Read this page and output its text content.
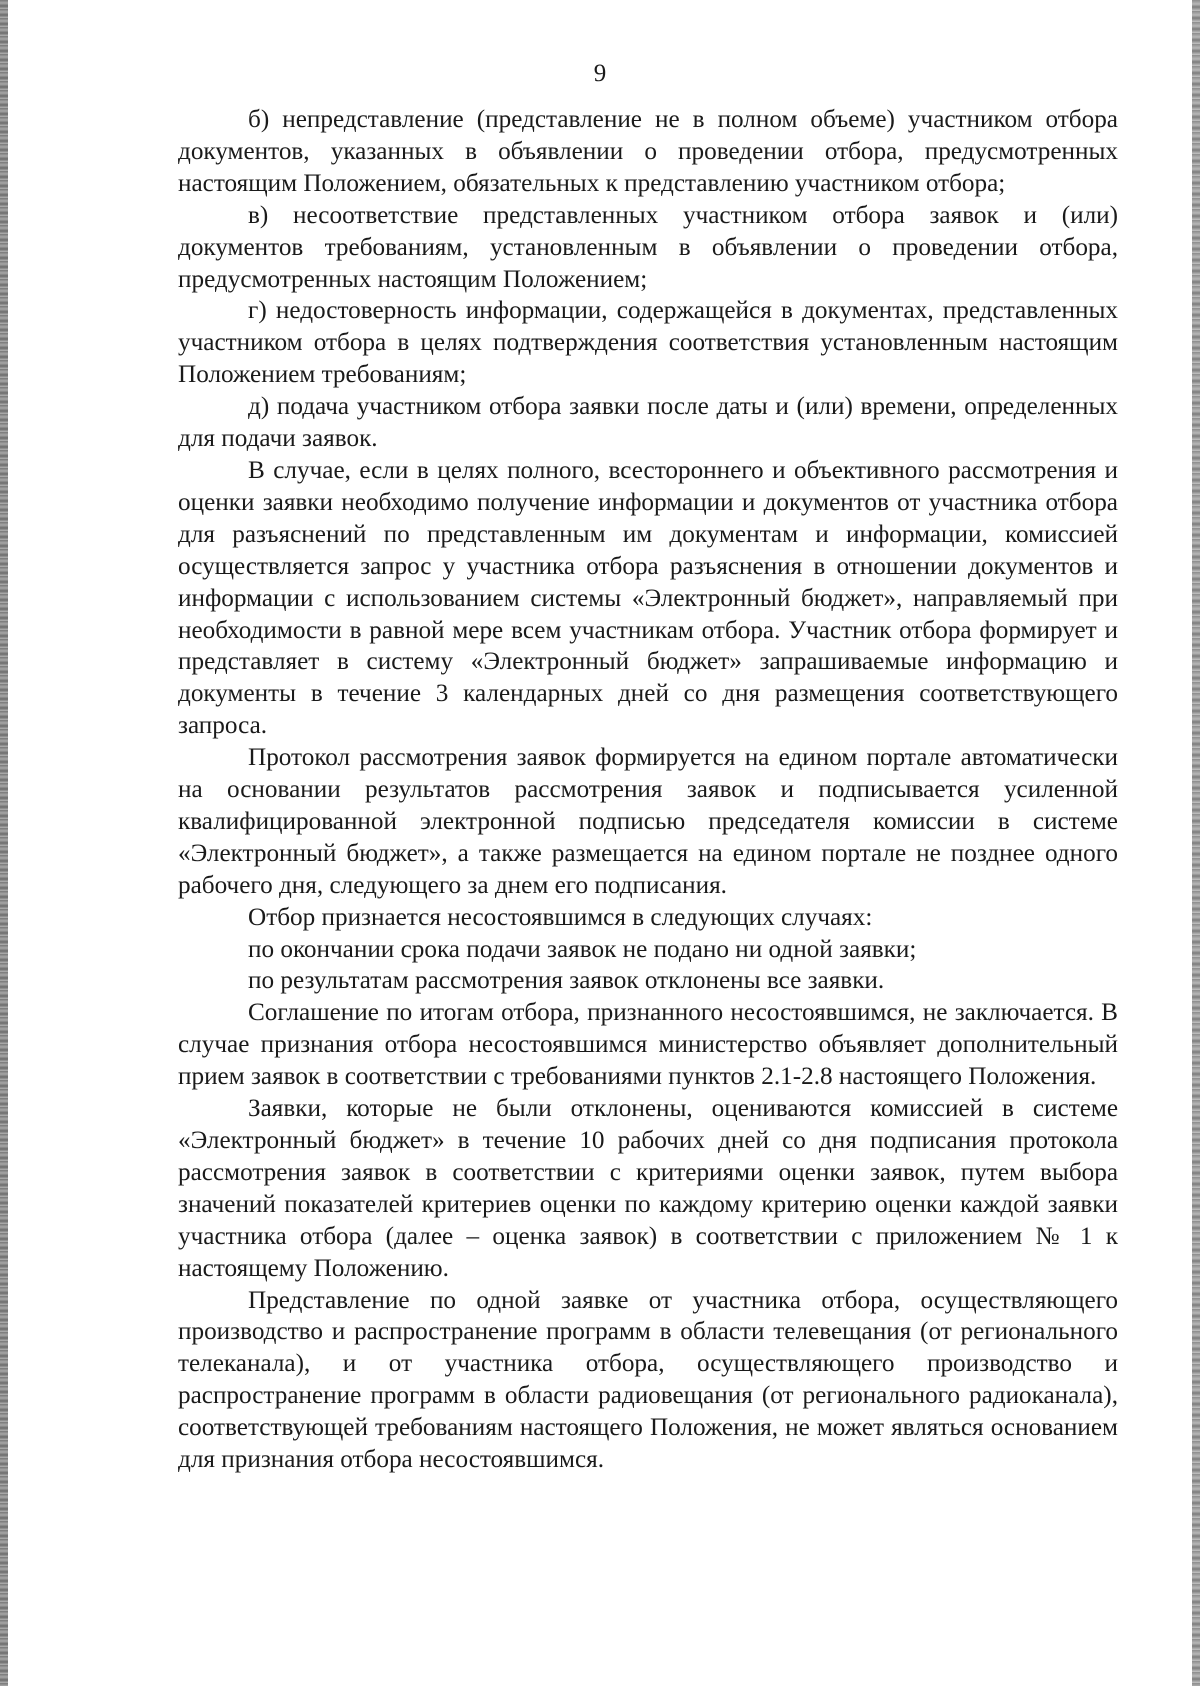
9

б) непредставление (представление не в полном объеме) участником отбора документов, указанных в объявлении о проведении отбора, предусмотренных настоящим Положением, обязательных к представлению участником отбора;

в) несоответствие представленных участником отбора заявок и (или) документов требованиям, установленным в объявлении о проведении отбора, предусмотренных настоящим Положением;

г) недостоверность информации, содержащейся в документах, представленных участником отбора в целях подтверждения соответствия установленным настоящим Положением требованиям;

д) подача участником отбора заявки после даты и (или) времени, определенных для подачи заявок.

В случае, если в целях полного, всестороннего и объективного рассмотрения и оценки заявки необходимо получение информации и документов от участника отбора для разъяснений по представленным им документам и информации, комиссией осуществляется запрос у участника отбора разъяснения в отношении документов и информации с использованием системы «Электронный бюджет», направляемый при необходимости в равной мере всем участникам отбора. Участник отбора формирует и представляет в систему «Электронный бюджет» запрашиваемые информацию и документы в течение 3 календарных дней со дня размещения соответствующего запроса.

Протокол рассмотрения заявок формируется на едином портале автоматически на основании результатов рассмотрения заявок и подписывается усиленной квалифицированной электронной подписью председателя комиссии в системе «Электронный бюджет», а также размещается на едином портале не позднее одного рабочего дня, следующего за днем его подписания.

Отбор признается несостоявшимся в следующих случаях:

по окончании срока подачи заявок не подано ни одной заявки;

по результатам рассмотрения заявок отклонены все заявки.

Соглашение по итогам отбора, признанного несостоявшимся, не заключается. В случае признания отбора несостоявшимся министерство объявляет дополнительный прием заявок в соответствии с требованиями пунктов 2.1-2.8 настоящего Положения.

Заявки, которые не были отклонены, оцениваются комиссией в системе «Электронный бюджет» в течение 10 рабочих дней со дня подписания протокола рассмотрения заявок в соответствии с критериями оценки заявок, путем выбора значений показателей критериев оценки по каждому критерию оценки каждой заявки участника отбора (далее – оценка заявок) в соответствии с приложением № 1 к настоящему Положению.

Представление по одной заявке от участника отбора, осуществляющего производство и распространение программ в области телевещания (от регионального телеканала), и от участника отбора, осуществляющего производство и распространение программ в области радиовещания (от регионального радиоканала), соответствующей требованиям настоящего Положения, не может являться основанием для признания отбора несостоявшимся.
